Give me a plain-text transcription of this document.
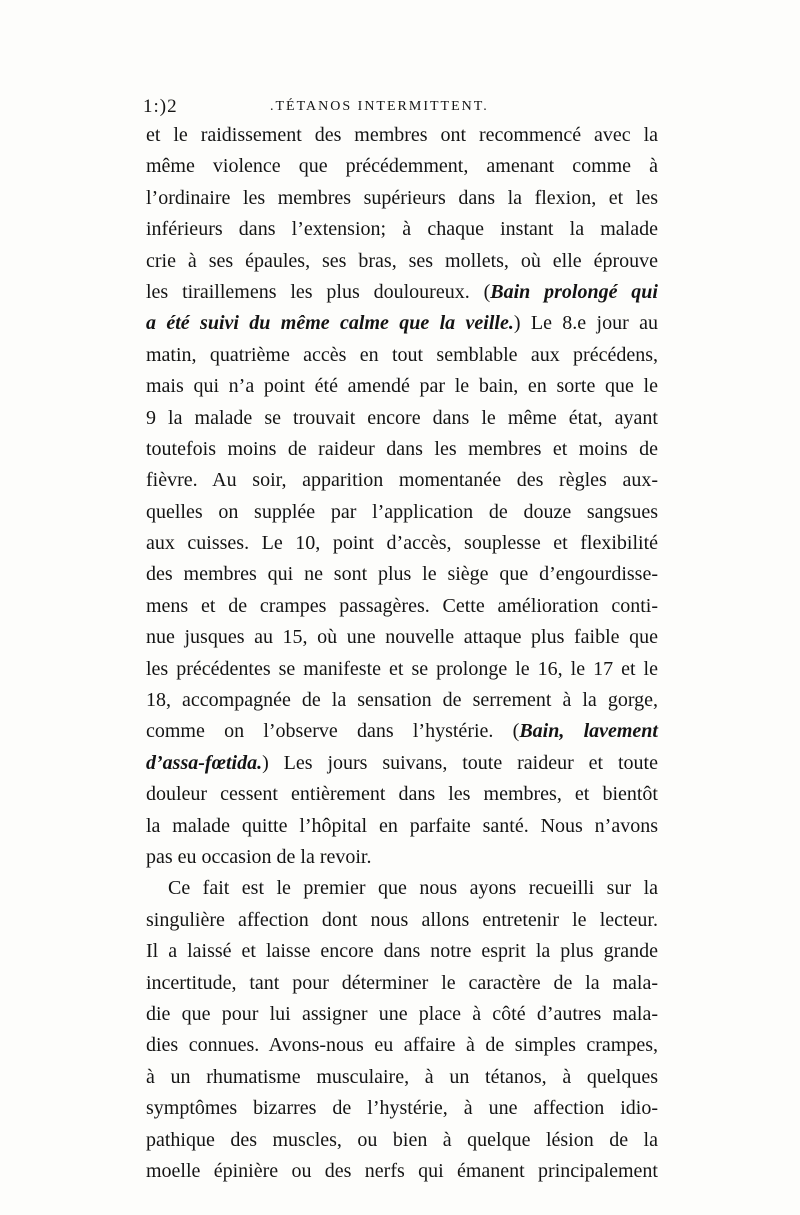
1:)2	.TÉTANOS INTERMITTENT.
et le raidissement des membres ont recommencé avec la
même violence que précédemment, amenant comme à
l’ordinaire les membres supérieurs dans la flexion, et les
inférieurs dans l’extension; à chaque instant la malade
crie à ses épaules, ses bras, ses mollets, où elle éprouve
les tiraillemens les plus douloureux. (Bain prolongé qui
a été suivi du même calme que la veille.) Le 8.e jour au
matin, quatrième accès en tout semblable aux précédens,
mais qui n’a point été amendé par le bain, en sorte que le
9 la malade se trouvait encore dans le même état, ayant
toutefois moins de raideur dans les membres et moins de
fièvre. Au soir, apparition momentanée des règles aux-
quelles on supplée par l’application de douze sangsues
aux cuisses. Le 10, point d’accès, souplesse et flexibilité
des membres qui ne sont plus le siège que d’engourdisse-
mens et de crampes passagères. Cette amélioration conti-
nue jusques au 15, où une nouvelle attaque plus faible que
les précédentes se manifeste et se prolonge le 16, le 17 et le
18, accompagnée de la sensation de serrement à la gorge,
comme on l’observe dans l’hystérie. (Bain, lavement
d’assa-fœtida.) Les jours suivans, toute raideur et toute
douleur cessent entièrement dans les membres, et bientôt
la malade quitte l’hôpital en parfaite santé. Nous n’avons
pas eu occasion de la revoir.
Ce fait est le premier que nous ayons recueilli sur la
singulière affection dont nous allons entretenir le lecteur.
Il a laissé et laisse encore dans notre esprit la plus grande
incertitude, tant pour déterminer le caractère de la mala-
die que pour lui assigner une place à côté d’autres mala-
dies connues. Avons-nous eu affaire à de simples crampes,
à un rhumatisme musculaire, à un tétanos, à quelques
symptômes bizarres de l’hystérie, à une affection idio-
pathique des muscles, ou bien à quelque lésion de la
moelle épinière ou des nerfs qui émanent principalement
